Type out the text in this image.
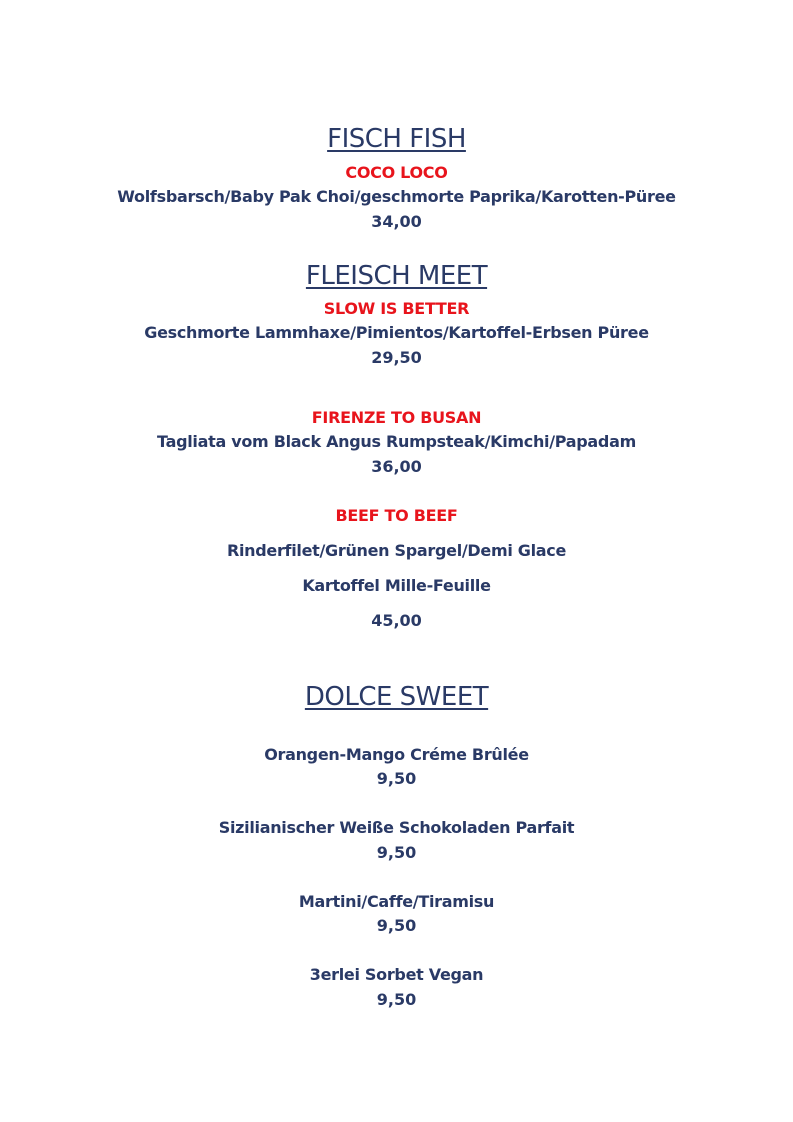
FISCH FISH
COCO LOCO
Wolfsbarsch/Baby Pak Choi/geschmorte Paprika/Karotten-Püree
34,00
FLEISCH MEET
SLOW IS BETTER
Geschmorte Lammhaxe/Pimientos/Kartoffel-Erbsen Püree
29,50
FIRENZE TO BUSAN
Tagliata vom Black Angus Rumpsteak/Kimchi/Papadam
36,00
BEEF TO BEEF
Rinderfilet/Grünen Spargel/Demi Glace
Kartoffel Mille-Feuille
45,00
DOLCE SWEET
Orangen-Mango Créme Brûlée
9,50
Sizilianischer Weiße Schokoladen Parfait
9,50
Martini/Caffe/Tiramisu
9,50
3erlei Sorbet Vegan
9,50
